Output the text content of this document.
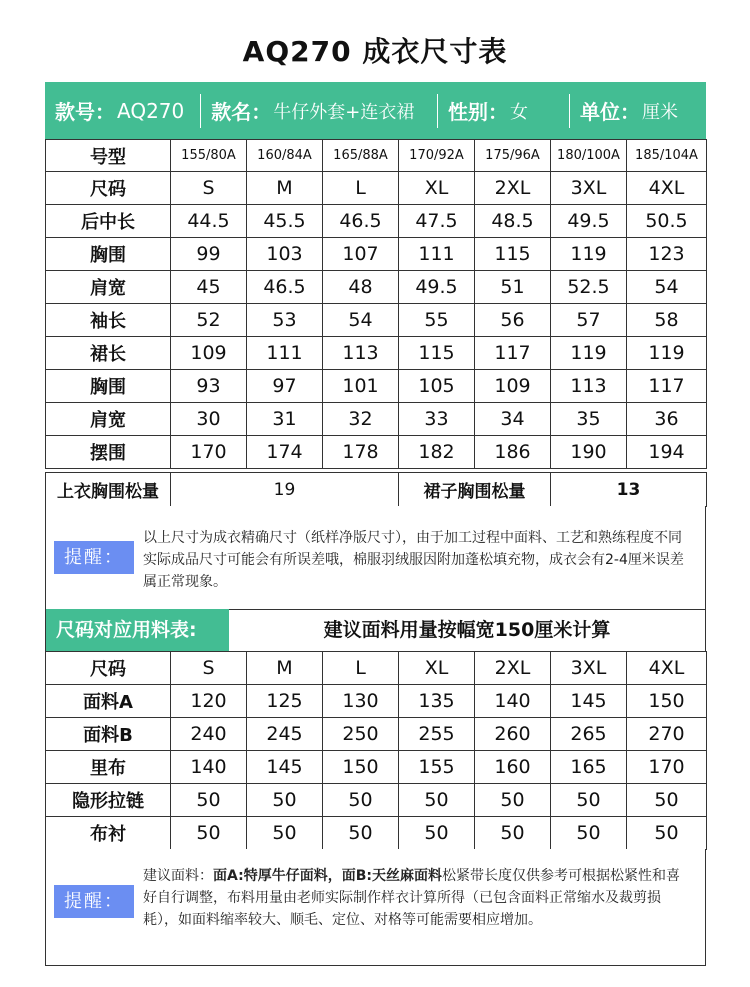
AQ270 成衣尺寸表
款号： AQ270 款名： 牛仔外套+连衣裙 性别： 女	单位： 厘米
号型	155/80A	160/84A	165/88A	170/92A	175/96A	180/100A	185/104A
尺码	S	M	L	XL	2XL	3XL	4XL
后中长	44.5	45.5	46.5	47.5	48.5	49.5	50.5
胸围	99	103	107	111	115	119	123
肩宽	45	46.5	48	49.5	51	52.5	54
袖长	52	53	54	55	56	57	58
裙长	109	111	113	115	117	119	119
胸围	93	97	101	105	109	113	117
肩宽	30	31	32	33	34	35	36
摆围	170	174	178	182	186	190	194
上衣胸围松量	19	裙子胸围松量	13
提醒：
以上尺寸为成衣精确尺寸（纸样净版尺寸），由于加工过程中面料、工艺和熟练程度不同实际成品尺寸可能会有所误差哦，棉服羽绒服因附加蓬松填充物，成衣会有2-4厘米误差属正常现象。
尺码对应用料表:	建议面料用量按幅宽150厘米计算
尺码	S	M	L	XL	2XL	3XL	4XL
面料A	120	125	130	135	140	145	150
面料B	240	245	250	255	260	265	270
里布	140	145	150	155	160	165	170
隐形拉链	50	50	50	50	50	50	50
布衬	50	50	50	50	50	50	50
提醒：
建议面料：面A:特厚牛仔面料，面B:天丝麻面料松紧带长度仅供参考可根据松紧性和喜好自行调整，布料用量由老师实际制作样衣计算所得（已包含面料正常缩水及裁剪损耗），如面料缩率较大、顺毛、定位、对格等可能需要相应增加。
